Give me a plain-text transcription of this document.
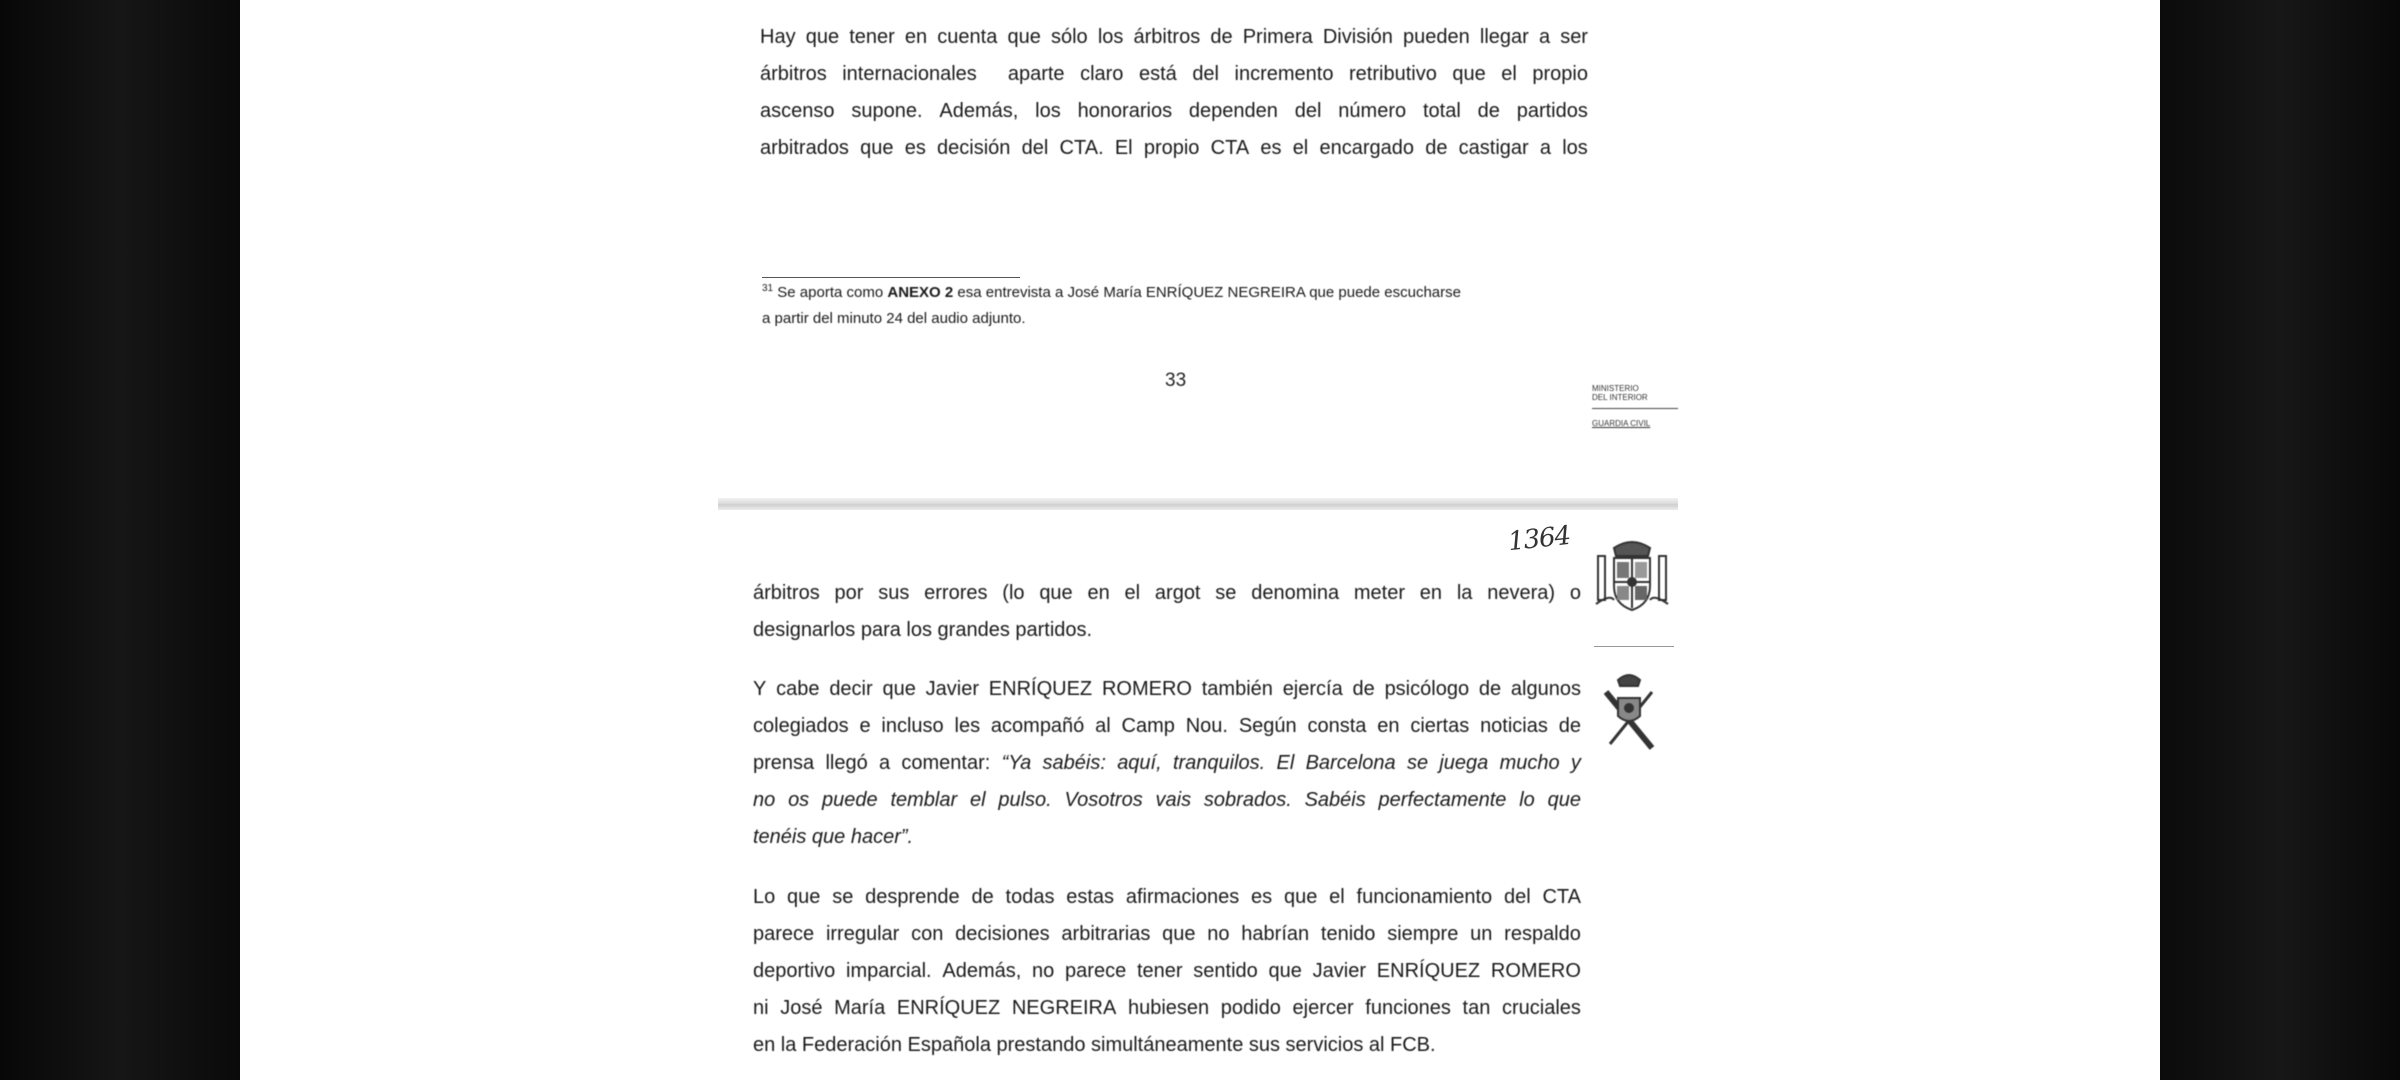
Hay que tener en cuenta que sólo los árbitros de Primera División pueden llegar a ser
árbitros internacionales aparte claro está del incremento retributivo que el propio
ascenso supone. Además, los honorarios dependen del número total de partidos
arbitrados que es decisión del CTA. El propio CTA es el encargado de castigar a los
$^{31}$ Se aporta como ANEXO 2 esa entrevista a José María ENRÍQUEZ NEGREIRA que puede escucharse
a partir del minuto 24 del audio adjunto.
33	MINISTERIO
DEL INTERIOR
GUARDIA CIVIL
1364
árbitros por sus errores (lo que en el argot se denomina meter en la nevera) o
designarlos para los grandes partidos.
Y cabe decir que Javier ENRÍQUEZ ROMERO también ejercía de psicólogo de algunos
colegiados e incluso les acompañó al Camp Nou. Según consta en ciertas noticias de
prensa llegó a comentar: “Ya sabéis: aquí, tranquilos. El Barcelona se juega mucho y
no os puede temblar el pulso. Vosotros vais sobrados. Sabéis perfectamente lo que
tenéis que hacer”.
Lo que se desprende de todas estas afirmaciones es que el funcionamiento del CTA
parece irregular con decisiones arbitrarias que no habrían tenido siempre un respaldo
deportivo imparcial. Además, no parece tener sentido que Javier ENRÍQUEZ ROMERO
ni José María ENRÍQUEZ NEGREIRA hubiesen podido ejercer funciones tan cruciales
en la Federación Española prestando simultáneamente sus servicios al FCB.
